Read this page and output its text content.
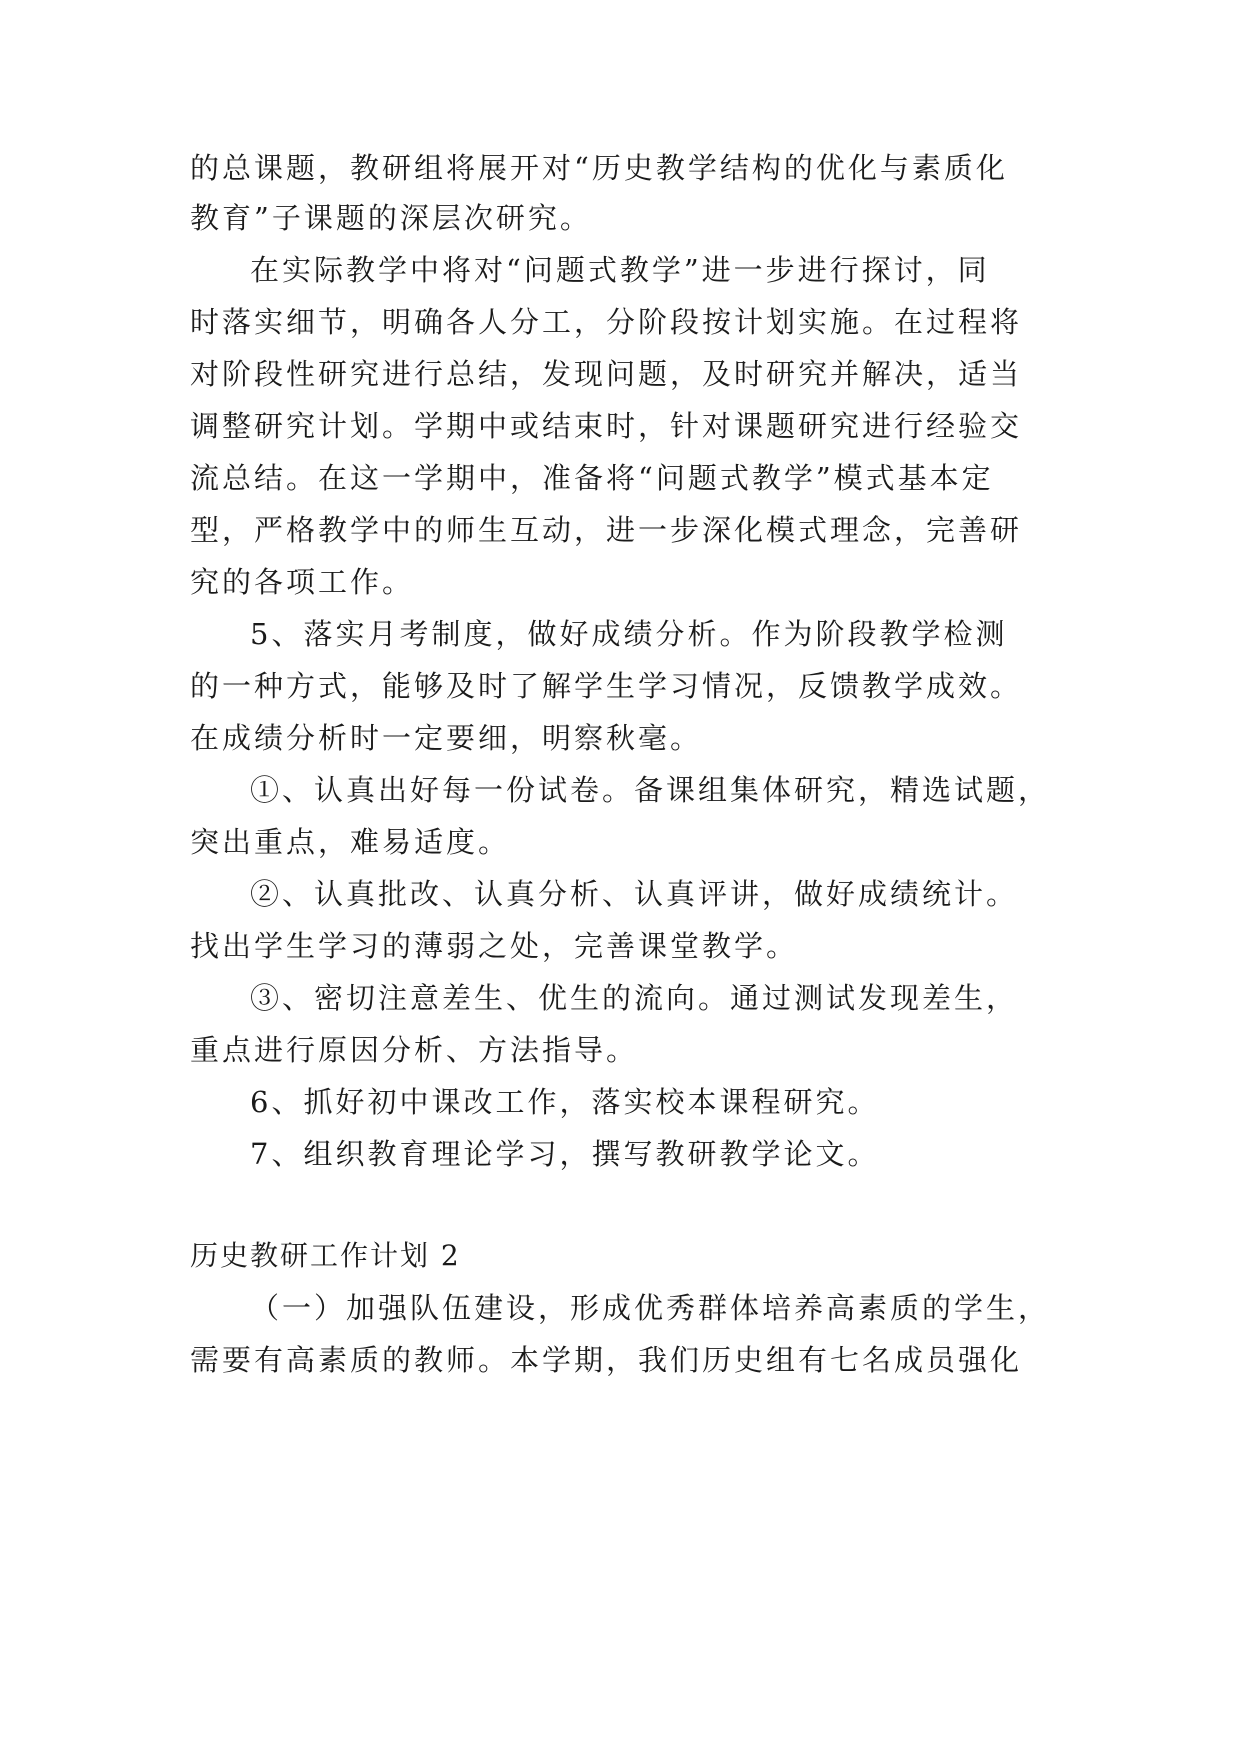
的总课题，教研组将展开对“历史教学结构的优化与素质化
教育”子课题的深层次研究。
在实际教学中将对“问题式教学”进一步进行探讨，同
时落实细节，明确各人分工，分阶段按计划实施。在过程将
对阶段性研究进行总结，发现问题，及时研究并解决，适当
调整研究计划。学期中或结束时，针对课题研究进行经验交
流总结。在这一学期中，准备将“问题式教学”模式基本定
型，严格教学中的师生互动，进一步深化模式理念，完善研
究的各项工作。
5、落实月考制度，做好成绩分析。作为阶段教学检测
的一种方式，能够及时了解学生学习情况，反馈教学成效。
在成绩分析时一定要细，明察秋毫。
①、认真出好每一份试卷。备课组集体研究，精选试题，
突出重点，难易适度。
②、认真批改、认真分析、认真评讲，做好成绩统计。
找出学生学习的薄弱之处，完善课堂教学。
③、密切注意差生、优生的流向。通过测试发现差生，
重点进行原因分析、方法指导。
6、抓好初中课改工作，落实校本课程研究。
7、组织教育理论学习，撰写教研教学论文。
历史教研工作计划 2
（一）加强队伍建设，形成优秀群体培养高素质的学生，
需要有高素质的教师。本学期，我们历史组有七名成员强化
